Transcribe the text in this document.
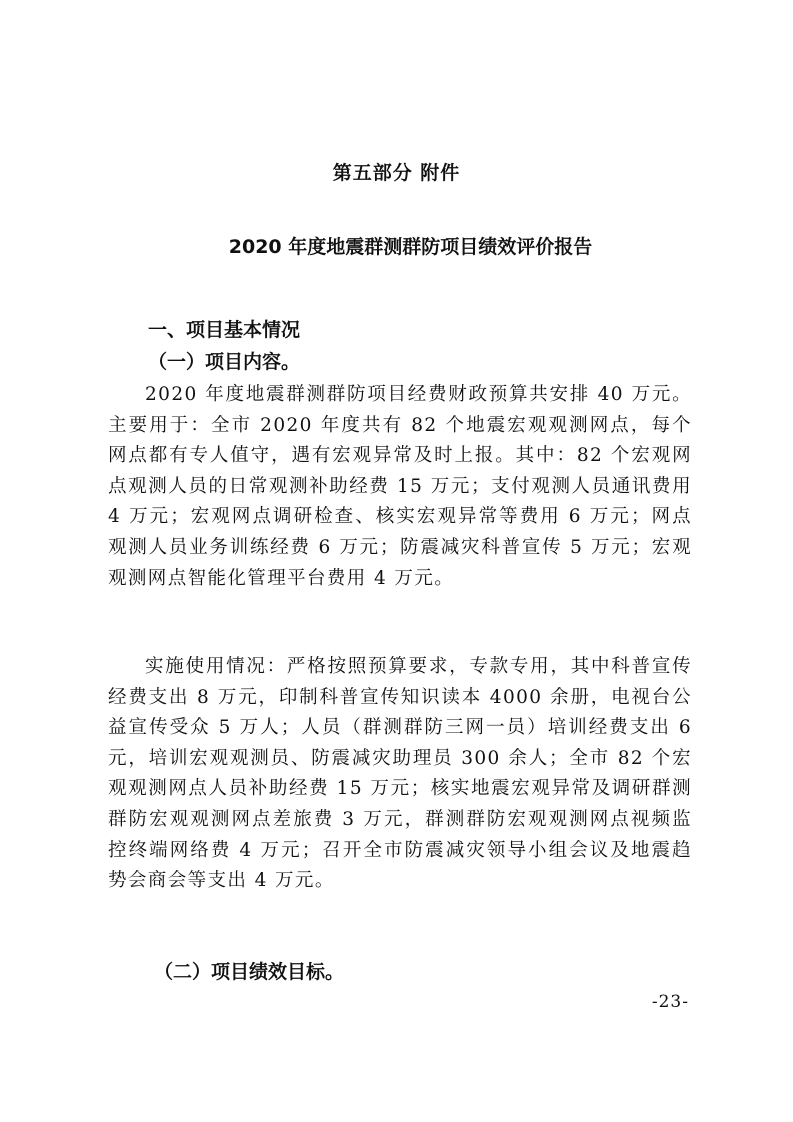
第五部分 附件
2020 年度地震群测群防项目绩效评价报告
一、项目基本情况
（一）项目内容。

2020 年度地震群测群防项目经费财政预算共安排 40 万元。主要用于：全市 2020 年度共有 82 个地震宏观观测网点，每个网点都有专人值守，遇有宏观异常及时上报。其中：82 个宏观网点观测人员的日常观测补助经费 15 万元；支付观测人员通讯费用 4 万元；宏观网点调研检查、核实宏观异常等费用 6 万元；网点观测人员业务训练经费 6 万元；防震减灾科普宣传 5 万元；宏观观测网点智能化管理平台费用 4 万元。

实施使用情况：严格按照预算要求，专款专用，其中科普宣传经费支出 8 万元，印制科普宣传知识读本 4000 余册，电视台公益宣传受众 5 万人；人员（群测群防三网一员）培训经费支出 6 元，培训宏观观测员、防震减灾助理员 300 余人；全市 82 个宏观观测网点人员补助经费 15 万元；核实地震宏观异常及调研群测群防宏观观测网点差旅费 3 万元，群测群防宏观观测网点视频监控终端网络费 4 万元；召开全市防震减灾领导小组会议及地震趋势会商会等支出 4 万元。

（二）项目绩效目标。
-23-
